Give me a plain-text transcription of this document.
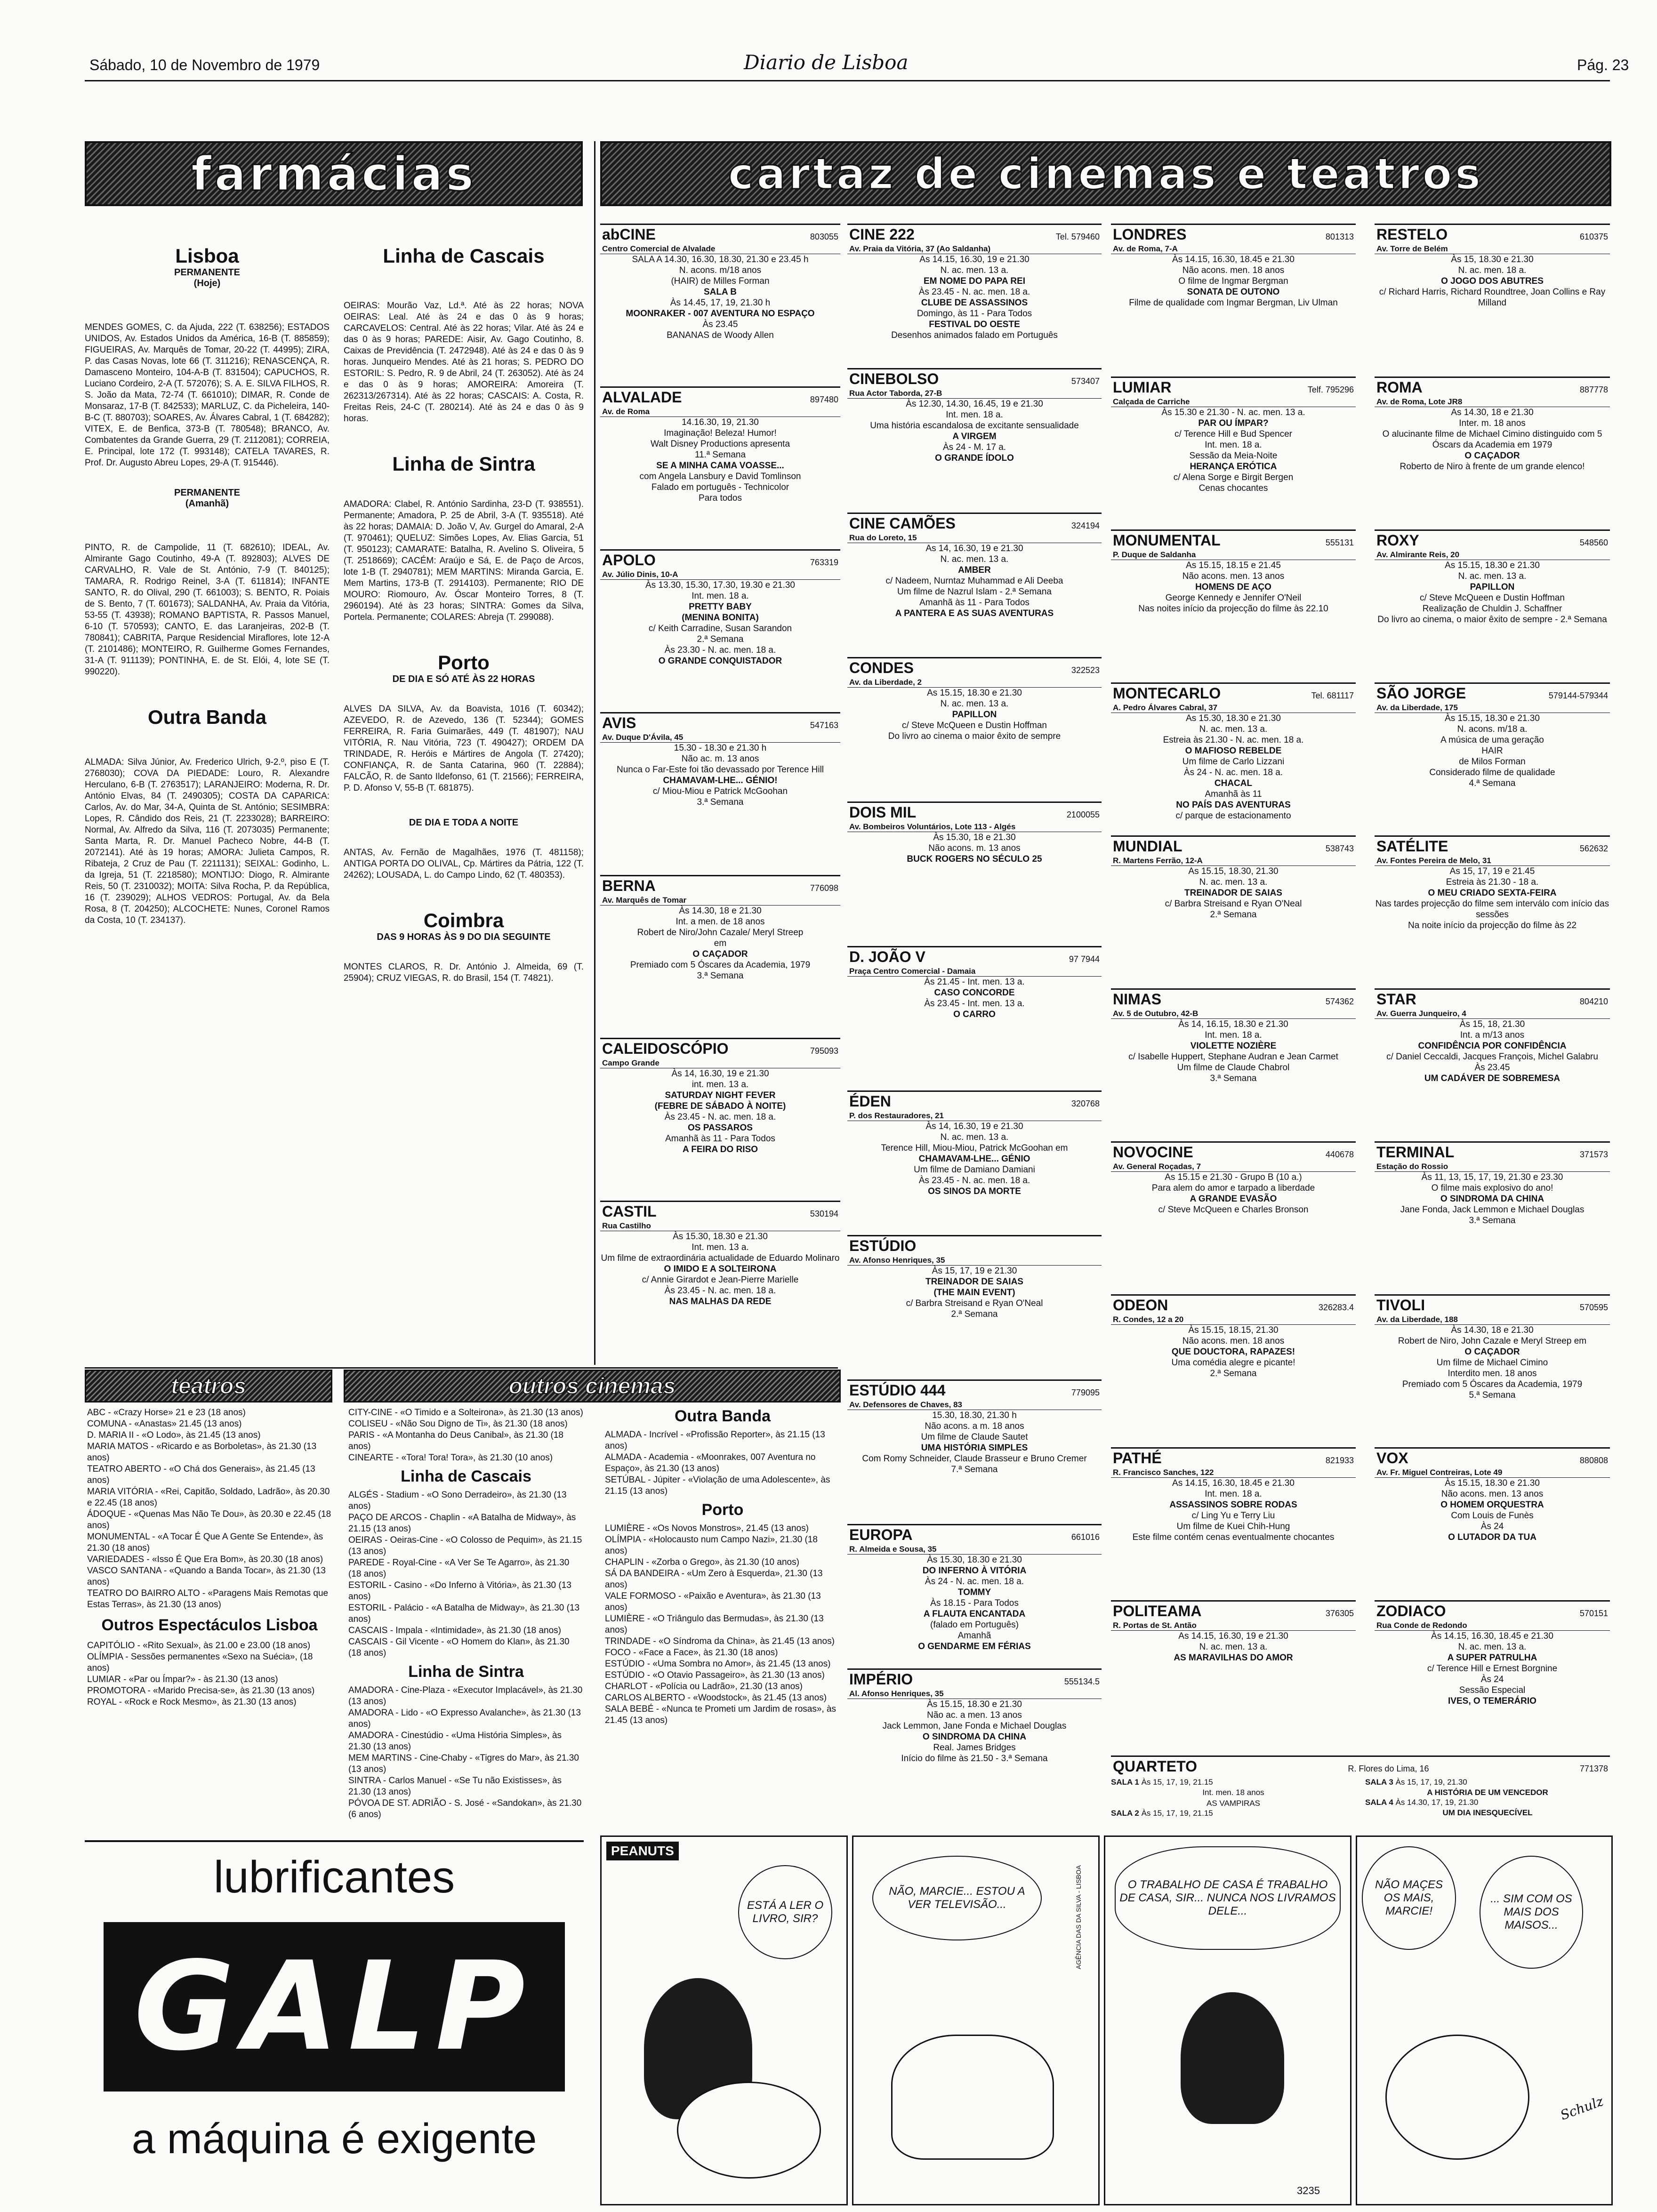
Sábado, 10 de Novembro de 1979	Diario de Lisboa	Pág. 23
farmácias
Lisboa
PERMANENTE
(Hoje)
MENDES GOMES, C. da Ajuda, 222 (T. 638256); ESTADOS UNIDOS, Av. Estados Unidos da América, 16-B (T. 885859); FIGUEIRAS, Av. Marquês de Tomar, 20-22 (T. 44995); ZIRA, P. das Casas Novas, lote 66 (T. 311216); RENASCENÇA, R. Damasceno Monteiro, 104-A-B (T. 831504); CAPUCHOS, R. Luciano Cordeiro, 2-A (T. 572076); S. A. E. SILVA FILHOS, R. S. João da Mata, 72-74 (T. 661010); DIMAR, R. Conde de Monsaraz, 17-B (T. 842533); MARLUZ, C. da Picheleira, 140-B-C (T. 880703); SOARES, Av. Álvares Cabral, 1 (T. 684282); VITEX, E. de Benfica, 373-B (T. 780548); BRANCO, Av. Combatentes da Grande Guerra, 29 (T. 2112081); CORREIA, E. Principal, lote 172 (T. 993148); CATELA TAVARES, R. Prof. Dr. Augusto Abreu Lopes, 29-A (T. 915446).
PERMANENTE
(Amanhã)
PINTO, R. de Campolide, 11 (T. 682610); IDEAL, Av. Almirante Gago Coutinho, 49-A (T. 892803); ALVES DE CARVALHO, R. Vale de St. António, 7-9 (T. 840125); TAMARA, R. Rodrigo Reinel, 3-A (T. 611814); INFANTE SANTO, R. do Olival, 290 (T. 661003); S. BENTO, R. Poiais de S. Bento, 7 (T. 601673); SALDANHA, Av. Praia da Vitória, 53-55 (T. 43938); ROMANO BAPTISTA, R. Passos Manuel, 6-10 (T. 570593); CANTO, E. das Laranjeiras, 202-B (T. 780841); CABRITA, Parque Residencial Miraflores, lote 12-A (T. 2101486); MONTEIRO, R. Guilherme Gomes Fernandes, 31-A (T. 911139); PONTINHA, E. de St. Elói, 4, lote SE (T. 990220).
Outra Banda
ALMADA: Silva Júnior, Av. Frederico Ulrich, 9-2.º, piso E (T. 2768030); COVA DA PIEDADE: Louro, R. Alexandre Herculano, 6-B (T. 2763517); LARANJEIRO: Moderna, R. Dr. António Elvas, 84 (T. 2490305); COSTA DA CAPARICA: Carlos, Av. do Mar, 34-A, Quinta de St. António; SESIMBRA: Lopes, R. Cândido dos Reis, 21 (T. 2233028); BARREIRO: Normal, Av. Alfredo da Silva, 116 (T. 2073035) Permanente; Santa Marta, R. Dr. Manuel Pacheco Nobre, 44-B (T. 2072141). Até às 19 horas; AMORA: Julieta Campos, R. Ribateja, 2 Cruz de Pau (T. 2211131); SEIXAL: Godinho, L. da Igreja, 51 (T. 2218580); MONTIJO: Diogo, R. Almirante Reis, 50 (T. 2310032); MOITA: Silva Rocha, P. da República, 16 (T. 239029); ALHOS VEDROS: Portugal, Av. da Bela Rosa, 8 (T. 204250); ALCOCHETE: Nunes, Coronel Ramos da Costa, 10 (T. 234137).
Linha de Cascais
OEIRAS: Mourão Vaz, Ld.ª. Até às 22 horas; NOVA OEIRAS: Leal. Até às 24 e das 0 às 9 horas; CARCAVELOS: Central. Até às 22 horas; Vilar. Até às 24 e das 0 às 9 horas; PAREDE: Aisir, Av. Gago Coutinho, 8. Caixas de Previdência (T. 2472948). Até às 24 e das 0 às 9 horas. Junqueiro Mendes. Até às 21 horas; S. PEDRO DO ESTORIL: S. Pedro, R. 9 de Abril, 24 (T. 263052). Até às 24 e das 0 às 9 horas; AMOREIRA: Amoreira (T. 262313/267314). Até às 22 horas; CASCAIS: A. Costa, R. Freitas Reis, 24-C (T. 280214). Até às 24 e das 0 às 9 horas.
Linha de Sintra
AMADORA: Clabel, R. António Sardinha, 23-D (T. 938551). Permanente; Amadora, P. 25 de Abril, 3-A (T. 935518). Até às 22 horas; DAMAIA: D. João V, Av. Gurgel do Amaral, 2-A (T. 970461); QUELUZ: Simões Lopes, Av. Elias Garcia, 51 (T. 950123); CAMARATE: Batalha, R. Avelino S. Oliveira, 5 (T. 2518669); CACÉM: Araújo e Sá, E. de Paço de Arcos, lote 1-B (T. 2940781); MEM MARTINS: Miranda Garcia, E. Mem Martins, 173-B (T. 2914103). Permanente; RIO DE MOURO: Riomouro, Av. Óscar Monteiro Torres, 8 (T. 2960194). Até às 23 horas; SINTRA: Gomes da Silva, Portela. Permanente; COLARES: Abreja (T. 299088).
Porto
DE DIA E SÓ ATÉ ÀS 22 HORAS
ALVES DA SILVA, Av. da Boavista, 1016 (T. 60342); AZEVEDO, R. de Azevedo, 136 (T. 52344); GOMES FERREIRA, R. Faria Guimarães, 449 (T. 481907); NAU VITÓRIA, R. Nau Vitória, 723 (T. 490427); ORDEM DA TRINDADE, R. Heróis e Mártires de Angola (T. 27420); CONFIANÇA, R. de Santa Catarina, 960 (T. 22884); FALCÃO, R. de Santo Ildefonso, 61 (T. 21566); FERREIRA, P. D. Afonso V, 55-B (T. 681875).
DE DIA E TODA A NOITE
ANTAS, Av. Fernão de Magalhães, 1976 (T. 481158); ANTIGA PORTA DO OLIVAL, Cp. Mártires da Pátria, 122 (T. 24262); LOUSADA, L. do Campo Lindo, 62 (T. 480353).
Coimbra
DAS 9 HORAS ÀS 9 DO DIA SEGUINTE
MONTES CLAROS, R. Dr. António J. Almeida, 69 (T. 25904); CRUZ VIEGAS, R. do Brasil, 154 (T. 74821).
cartaz de cinemas e teatros
abCINE	803055
Centro Comercial de Alvalade
SALA A 14.30, 16.30, 18.30, 21.30 e 23.45 h
N. acons. m/18 anos
(HAIR) de Milles Forman
SALA B
Às 14.45, 17, 19, 21.30 h
MOONRAKER - 007 AVENTURA NO ESPAÇO
Às 23.45
BANANAS de Woody Allen
ALVALADE	897480
Av. de Roma
14.16.30, 19, 21.30
Imaginação! Beleza! Humor!
Walt Disney Productions apresenta
11.ª Semana
SE A MINHA CAMA VOASSE...
com Angela Lansbury e David Tomlinson
Falado em português - Technicolor
Para todos
APOLO	763319
Av. Júlio Dinis, 10-A
Às 13.30, 15.30, 17.30, 19.30 e 21.30
Int. men. 18 a.
PRETTY BABY
(MENINA BONITA)
c/ Keith Carradine, Susan Sarandon
2.ª Semana
Às 23.30 - N. ac. men. 18 a.
O GRANDE CONQUISTADOR
AVIS	547163
Av. Duque D'Ávila, 45
15.30 - 18.30 e 21.30 h
Não ac. m. 13 anos
Nunca o Far-Este foi tão devassado por Terence Hill
CHAMAVAM-LHE... GÉNIO!
c/ Miou-Miou e Patrick McGoohan
3.ª Semana
BERNA	776098
Av. Marquês de Tomar
Às 14.30, 18 e 21.30
Int. a men. de 18 anos
Robert de Niro/John Cazale/ Meryl Streep
em
O CAÇADOR
Premiado com 5 Óscares da Academia, 1979
3.ª Semana
CALEIDOSCÓPIO	795093
Campo Grande
Às 14, 16.30, 19 e 21.30
int. men. 13 a.
SATURDAY NIGHT FEVER
(FEBRE DE SÁBADO À NOITE)
Às 23.45 - N. ac. men. 18 a.
OS PASSAROS
Amanhã às 11 - Para Todos
A FEIRA DO RISO
CASTIL	530194
Rua Castilho
Às 15.30, 18.30 e 21.30
Int. men. 13 a.
Um filme de extraordinária actualidade de Eduardo Molinaro
O IMIDO E A SOLTEIRONA
c/ Annie Girardot e Jean-Pierre Marielle
Às 23.45 - N. ac. men. 18 a.
NAS MALHAS DA REDE
CINE 222	Tel. 579460
Av. Praia da Vitória, 37 (Ao Saldanha)
As 14.15, 16.30, 19 e 21.30
N. ac. men. 13 a.
EM NOME DO PAPA REI
Às 23.45 - N. ac. men. 18 a.
CLUBE DE ASSASSINOS
Domingo, às 11 - Para Todos
FESTIVAL DO OESTE
Desenhos animados falado em Português
CINEBOLSO	573407
Rua Actor Taborda, 27-B
Às 12.30, 14.30, 16.45, 19 e 21.30
Int. men. 18 a.
Uma história escandalosa de excitante sensualidade
A VIRGEM
Às 24 - M. 17 a.
O GRANDE ÍDOLO
CINE CAMÕES	324194
Rua do Loreto, 15
As 14, 16.30, 19 e 21.30
N. ac. men. 13 a.
AMBER
c/ Nadeem, Nurntaz Muhammad e Ali Deeba
Um filme de Nazrul Islam - 2.ª Semana
Amanhã às 11 - Para Todos
A PANTERA E AS SUAS AVENTURAS
CONDES	322523
Av. da Liberdade, 2
As 15.15, 18.30 e 21.30
N. ac. men. 13 a.
PAPILLON
c/ Steve McQueen e Dustin Hoffman
Do livro ao cinema o maior êxito de sempre
DOIS MIL	2100055
Av. Bombeiros Voluntários, Lote 113 - Algés
Às 15.30, 18 e 21.30
Não acons. m. 13 anos
BUCK ROGERS NO SÉCULO 25
D. JOÃO V	97 7944
Praça Centro Comercial - Damaia
Às 21.45 - Int. men. 13 a.
CASO CONCORDE
Às 23.45 - Int. men. 13 a.
O CARRO
ÉDEN	320768
P. dos Restauradores, 21
Às 14, 16.30, 19 e 21.30
N. ac. men. 13 a.
Terence Hill, Miou-Miou, Patrick McGoohan em
CHAMAVAM-LHE... GÉNIO
Um filme de Damiano Damiani
Às 23.45 - N. ac. men. 18 a.
OS SINOS DA MORTE
ESTÚDIO
Av. Afonso Henriques, 35
Às 15, 17, 19 e 21.30
TREINADOR DE SAIAS
(THE MAIN EVENT)
c/ Barbra Streisand e Ryan O'Neal
2.ª Semana
ESTÚDIO 444	779095
Av. Defensores de Chaves, 83
15.30, 18.30, 21.30 h
Não acons. a m. 18 anos
Um filme de Claude Sautet
UMA HISTÓRIA SIMPLES
Com Romy Schneider, Claude Brasseur e Bruno Cremer
7.ª Semana
EUROPA	661016
R. Almeida e Sousa, 35
Às 15.30, 18.30 e 21.30
DO INFERNO À VITÓRIA
Às 24 - N. ac. men. 18 a.
TOMMY
Às 18.15 - Para Todos
A FLAUTA ENCANTADA
(falado em Português)
Amanhã
O GENDARME EM FÉRIAS
IMPÉRIO	555134.5
Al. Afonso Henriques, 35
Às 15.15, 18.30 e 21.30
Não ac. a men. 13 anos
Jack Lemmon, Jane Fonda e Michael Douglas
O SINDROMA DA CHINA
Real. James Bridges
Início do filme às 21.50 - 3.ª Semana
LONDRES	801313
Av. de Roma, 7-A
Às 14.15, 16.30, 18.45 e 21.30
Não acons. men. 18 anos
O filme de Ingmar Bergman
SONATA DE OUTONO
Filme de qualidade com Ingmar Bergman, Liv Ulman
LUMIAR	Telf. 795296
Calçada de Carriche
Às 15.30 e 21.30 - N. ac. men. 13 a.
PAR OU ÍMPAR?
c/ Terence Hill e Bud Spencer
Int. men. 18 a.
Sessão da Meia-Noite
HERANÇA ERÓTICA
c/ Alena Sorge e Birgit Bergen
Cenas chocantes
MONUMENTAL	555131
P. Duque de Saldanha
As 15.15, 18.15 e 21.45
Não acons. men. 13 anos
HOMENS DE AÇO
George Kennedy e Jennifer O'Neil
Nas noites início da projecção do filme às 22.10
MONTECARLO	Tel. 681117
A. Pedro Álvares Cabral, 37
As 15.30, 18.30 e 21.30
N. ac. men. 13 a.
Estreia às 21.30 - N. ac. men. 18 a.
O MAFIOSO REBELDE
Um filme de Carlo Lizzani
Às 24 - N. ac. men. 18 a.
CHACAL
Amanhã às 11
NO PAÍS DAS AVENTURAS
c/ parque de estacionamento
MUNDIAL	538743
R. Martens Ferrão, 12-A
As 15.15, 18.30, 21.30
N. ac. men. 13 a.
TREINADOR DE SAIAS
c/ Barbra Streisand e Ryan O'Neal
2.ª Semana
NIMAS	574362
Av. 5 de Outubro, 42-B
Às 14, 16.15, 18.30 e 21.30
Int. men. 18 a.
VIOLETTE NOZIÈRE
c/ Isabelle Huppert, Stephane Audran e Jean Carmet
Um filme de Claude Chabrol
3.ª Semana
NOVOCINE	440678
Av. General Roçadas, 7
As 15.15 e 21.30 - Grupo B (10 a.)
Para alem do amor e tarpado a liberdade
A GRANDE EVASÃO
c/ Steve McQueen e Charles Bronson
ODEON	326283.4
R. Condes, 12 a 20
Às 15.15, 18.15, 21.30
Não acons. men. 18 anos
QUE DOUCTORA, RAPAZES!
Uma comédia alegre e picante!
2.ª Semana
PATHÉ	821933
R. Francisco Sanches, 122
As 14.15, 16.30, 18.45 e 21.30
Int. men. 18 a.
ASSASSINOS SOBRE RODAS
c/ Ling Yu e Terry Liu
Um filme de Kuei Chih-Hung
Este filme contém cenas eventualmente chocantes
POLITEAMA	376305
R. Portas de St. Antão
As 14.15, 16.30, 19 e 21.30
N. ac. men. 13 a.
AS MARAVILHAS DO AMOR
RESTELO	610375
Av. Torre de Belém
Às 15, 18.30 e 21.30
N. ac. men. 18 a.
O JOGO DOS ABUTRES
c/ Richard Harris, Richard Roundtree, Joan Collins e Ray Milland
ROMA	887778
Av. de Roma, Lote JR8
As 14.30, 18 e 21.30
Inter. m. 18 anos
O alucinante filme de Michael Cimino distinguido com 5 Óscars da Academia em 1979
O CAÇADOR
Roberto de Niro à frente de um grande elenco!
ROXY	548560
Av. Almirante Reis, 20
As 15.15, 18.30 e 21.30
N. ac. men. 13 a.
PAPILLON
c/ Steve McQueen e Dustin Hoffman
Realização de Chuldin J. Schaffner
Do livro ao cinema, o maior êxito de sempre - 2.ª Semana
SÃO JORGE	579144-579344
Av. da Liberdade, 175
Às 15.15, 18.30 e 21.30
N. acons. m/18 a.
A música de uma geração
HAIR
de Milos Forman
Considerado filme de qualidade
4.ª Semana
SATÉLITE	562632
Av. Fontes Pereira de Melo, 31
As 15, 17, 19 e 21.45
Estreia às 21.30 - 18 a.
O MEU CRIADO SEXTA-FEIRA
Nas tardes projecção do filme sem interválo com início das sessões
Na noite início da projecção do filme às 22
STAR	804210
Av. Guerra Junqueiro, 4
Às 15, 18, 21.30
Int. a m/13 anos
CONFIDÊNCIA POR CONFIDÊNCIA
c/ Daniel Ceccaldi, Jacques François, Michel Galabru
Às 23.45
UM CADÁVER DE SOBREMESA
TERMINAL	371573
Estação do Rossio
Às 11, 13, 15, 17, 19, 21.30 e 23.30
O filme mais explosivo do ano!
O SINDROMA DA CHINA
Jane Fonda, Jack Lemmon e Michael Douglas
3.ª Semana
TIVOLI	570595
Av. da Liberdade, 188
Às 14.30, 18 e 21.30
Robert de Niro, John Cazale e Meryl Streep em
O CAÇADOR
Um filme de Michael Cimino
Interdito men. 18 anos
Premiado com 5 Óscares da Academia, 1979
5.ª Semana
VOX	880808
Av. Fr. Miguel Contreiras, Lote 49
Às 15.15, 18.30 e 21.30
Não acons. men. 13 anos
O HOMEM ORQUESTRA
Com Louis de Funès
Às 24
O LUTADOR DA TUA
ZODIACO	570151
Rua Conde de Redondo
Às 14.15, 16.30, 18.45 e 21.30
N. ac. men. 13 a.
A SUPER PATRULHA
c/ Terence Hill e Ernest Borgnine
Às 24
Sessão Especial
IVES, O TEMERÁRIO
QUARTETO	R. Flores do Lima, 16	771378
SALA 1 Às 15, 17, 19, 21.15
Int. men. 18 anos
AS VAMPIRAS
SALA 2 Às 15, 17, 19, 21.15
SALA 3 Às 15, 17, 19, 21.30
A HISTÓRIA DE UM VENCEDOR
SALA 4 Às 14.30, 17, 19, 21.30
UM DIA INESQUECÍVEL
teatros	outros cinemas

ABC - «Crazy Horse» 21 e 23 (18 anos)

COMUNA - «Anastas» 21.45 (13 anos)

D. MARIA II - «O Lodo», às 21.45 (13 anos)

MARIA MATOS - «Ricardo e as Borboletas», às 21.30 (13 anos)

TEATRO ABERTO - «O Chá dos Generais», às 21.45 (13 anos)

MARIA VITÓRIA - «Rei, Capitão, Soldado, Ladrão», às 20.30 e 22.45 (18 anos)

ÁDOQUE - «Quenas Mas Não Te Dou», às 20.30 e 22.45 (18 anos)

MONUMENTAL - «A Tocar É Que A Gente Se Entende», às 21.30 (18 anos)

VARIEDADES - «Isso É Que Era Bom», às 20.30 (18 anos)

VASCO SANTANA - «Quando a Banda Tocar», às 21.30 (13 anos)

TEATRO DO BAIRRO ALTO - «Paragens Mais Remotas que Estas Terras», às 21.30 (13 anos)

Outros Espectáculos Lisboa

CAPITÓLIO - «Rito Sexual», às 21.00 e 23.00 (18 anos)

OLÍMPIA - Sessões permanentes «Sexo na Suécia», (18 anos)

LUMIAR - «Par ou Ímpar?» - às 21.30 (13 anos)

PROMOTORA - «Marido Precisa-se», às 21.30 (13 anos)

ROYAL - «Rock e Rock Mesmo», às 21.30 (13 anos)

CITY-CINE - «O Timido e a Solteirona», às 21.30 (13 anos)

COLISEU - «Não Sou Digno de Ti», às 21.30 (18 anos)

PARIS - «A Montanha do Deus Canibal», às 21.30 (18 anos)

CINEARTE - «Tora! Tora! Tora», às 21.30 (10 anos)

Linha de Cascais

ALGÉS - Stadium - «O Sono Derradeiro», às 21.30 (13 anos)

PAÇO DE ARCOS - Chaplin - «A Batalha de Midway», às 21.15 (13 anos)

OEIRAS - Oeiras-Cine - «O Colosso de Pequim», às 21.15 (13 anos)

PAREDE - Royal-Cine - «A Ver Se Te Agarro», às 21.30 (18 anos)

ESTORIL - Casino - «Do Inferno à Vitória», às 21.30 (13 anos)

ESTORIL - Palácio - «A Batalha de Midway», às 21.30 (13 anos)

CASCAIS - Impala - «Intimidade», às 21.30 (18 anos)

CASCAIS - Gil Vicente - «O Homem do Klan», às 21.30 (18 anos)

Linha de Sintra

AMADORA - Cine-Plaza - «Executor Implacável», às 21.30 (13 anos)

AMADORA - Lido - «O Expresso Avalanche», às 21.30 (13 anos)

AMADORA - Cinestúdio - «Uma História Simples», às 21.30 (13 anos)

MEM MARTINS - Cine-Chaby - «Tigres do Mar», às 21.30 (13 anos)

SINTRA - Carlos Manuel - «Se Tu não Existisses», às 21.30 (13 anos)

PÓVOA DE ST. ADRIÃO - S. José - «Sandokan», às 21.30 (6 anos)

Outra Banda

ALMADA - Incrível - «Profissão Reporter», às 21.15 (13 anos)

ALMADA - Academia - «Moonrakes, 007 Aventura no Espaço», às 21.30 (13 anos)

SETÚBAL - Júpiter - «Violação de uma Adolescente», às 21.15 (13 anos)

Porto

LUMIÈRE - «Os Novos Monstros», 21.45 (13 anos)

OLÍMPIA - «Holocausto num Campo Nazi», 21.30 (18 anos)

CHAPLIN - «Zorba o Grego», às 21.30 (10 anos)

SÁ DA BANDEIRA - «Um Zero à Esquerda», 21.30 (13 anos)

VALE FORMOSO - «Paixão e Aventura», às 21.30 (13 anos)

LUMIÈRE - «O Triângulo das Bermudas», às 21.30 (13 anos)

TRINDADE - «O Síndroma da China», às 21.45 (13 anos)

FOCO - «Face a Face», às 21.30 (18 anos)

ESTÚDIO - «Uma Sombra no Amor», às 21.45 (13 anos)

ESTÚDIO - «O Otavio Passageiro», às 21.30 (13 anos)

CHARLOT - «Polícia ou Ladrão», 21.30 (13 anos)

CARLOS ALBERTO - «Woodstock», às 21.45 (13 anos)

SALA BEBÉ - «Nunca te Prometi um Jardim de rosas», às 21.45 (13 anos)

lubrificantes
GALP
a máquina é exigente
PEANUTS
ESTÁ A LER O LIVRO, SIR?
NÃO, MARCIE... ESTOU A VER TELEVISÃO...	AGÊNCIA DAS DA SILVA - LISBOA	O TRABALHO DE CASA É TRABALHO DE CASA, SIR... NUNCA NOS LIVRAMOS DELE...
NÃO MAÇES OS MAIS, MARCIE!
... SIM COM OS MAIS DOS MAISOS...
Schulz
3235
